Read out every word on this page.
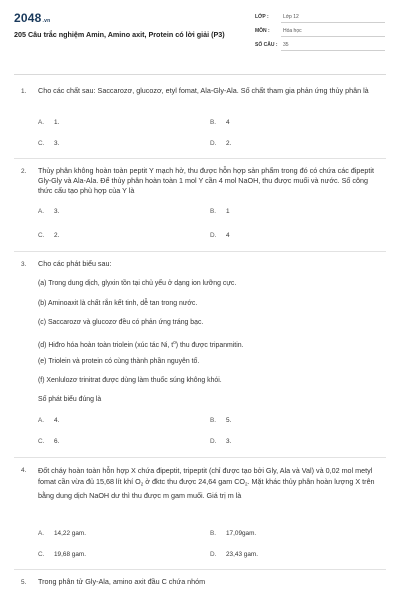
2048.vn
205 Câu trắc nghiệm Amin, Amino axit, Protein có lời giải (P3)
LỚP :	Lớp 12
MÔN :	Hóa học
SỐ CÂU : 35
1. Cho các chất sau: Saccarozơ, glucozơ, etyl fomat, Ala-Gly-Ala. Số chất tham gia phản ứng thủy phân là
A. 1.	B. 4
C. 3.	D. 2.
2. Thủy phân không hoàn toàn peptit Y mạch hở, thu được hỗn hợp sản phẩm trong đó có chứa các đipeptit Gly-Gly và Ala-Ala. Để thủy phân hoàn toàn 1 mol Y cần 4 mol NaOH, thu được muối và nước. Số công thức cấu tạo phù hợp của Y là
A. 3.	B. 1
C. 2.	D. 4
3. Cho các phát biểu sau:
(a) Trong dung dịch, glyxin tồn tại chủ yếu ở dạng ion lưỡng cực.
(b) Aminoaxit là chất rắn kết tinh, dễ tan trong nước.
(c) Saccarozơ và glucozơ đều có phản ứng tráng bạc.
(d) Hiđro hóa hoàn toàn triolein (xúc tác Ni, $t^0$) thu được tripanmitin.
(e) Triolein và protein có cùng thành phần nguyên tố.
(f) Xenlulozơ trinitrat được dùng làm thuốc súng không khói.
Số phát biểu đúng là
A. 4.	B. 5.
C. 6.	D. 3.
4. Đốt cháy hoàn toàn hỗn hợp X chứa đipeptit, tripeptit (chỉ được tạo bởi Gly, Ala và Val) và 0,02 mol metyl fomat cần vừa đủ 15,68 lít khí $O_2$ ở đktc thu được 24,64 gam $CO_2$. Mặt khác thủy phân hoàn lượng X trên bằng dung dịch NaOH dư thì thu được m gam muối. Giá trị m là
A. 14,22 gam.	B. 17,09gam.
C. 19,68 gam.	D. 23,43 gam.
5. Trong phân tử Gly-Ala, amino axit đầu C chứa nhóm
